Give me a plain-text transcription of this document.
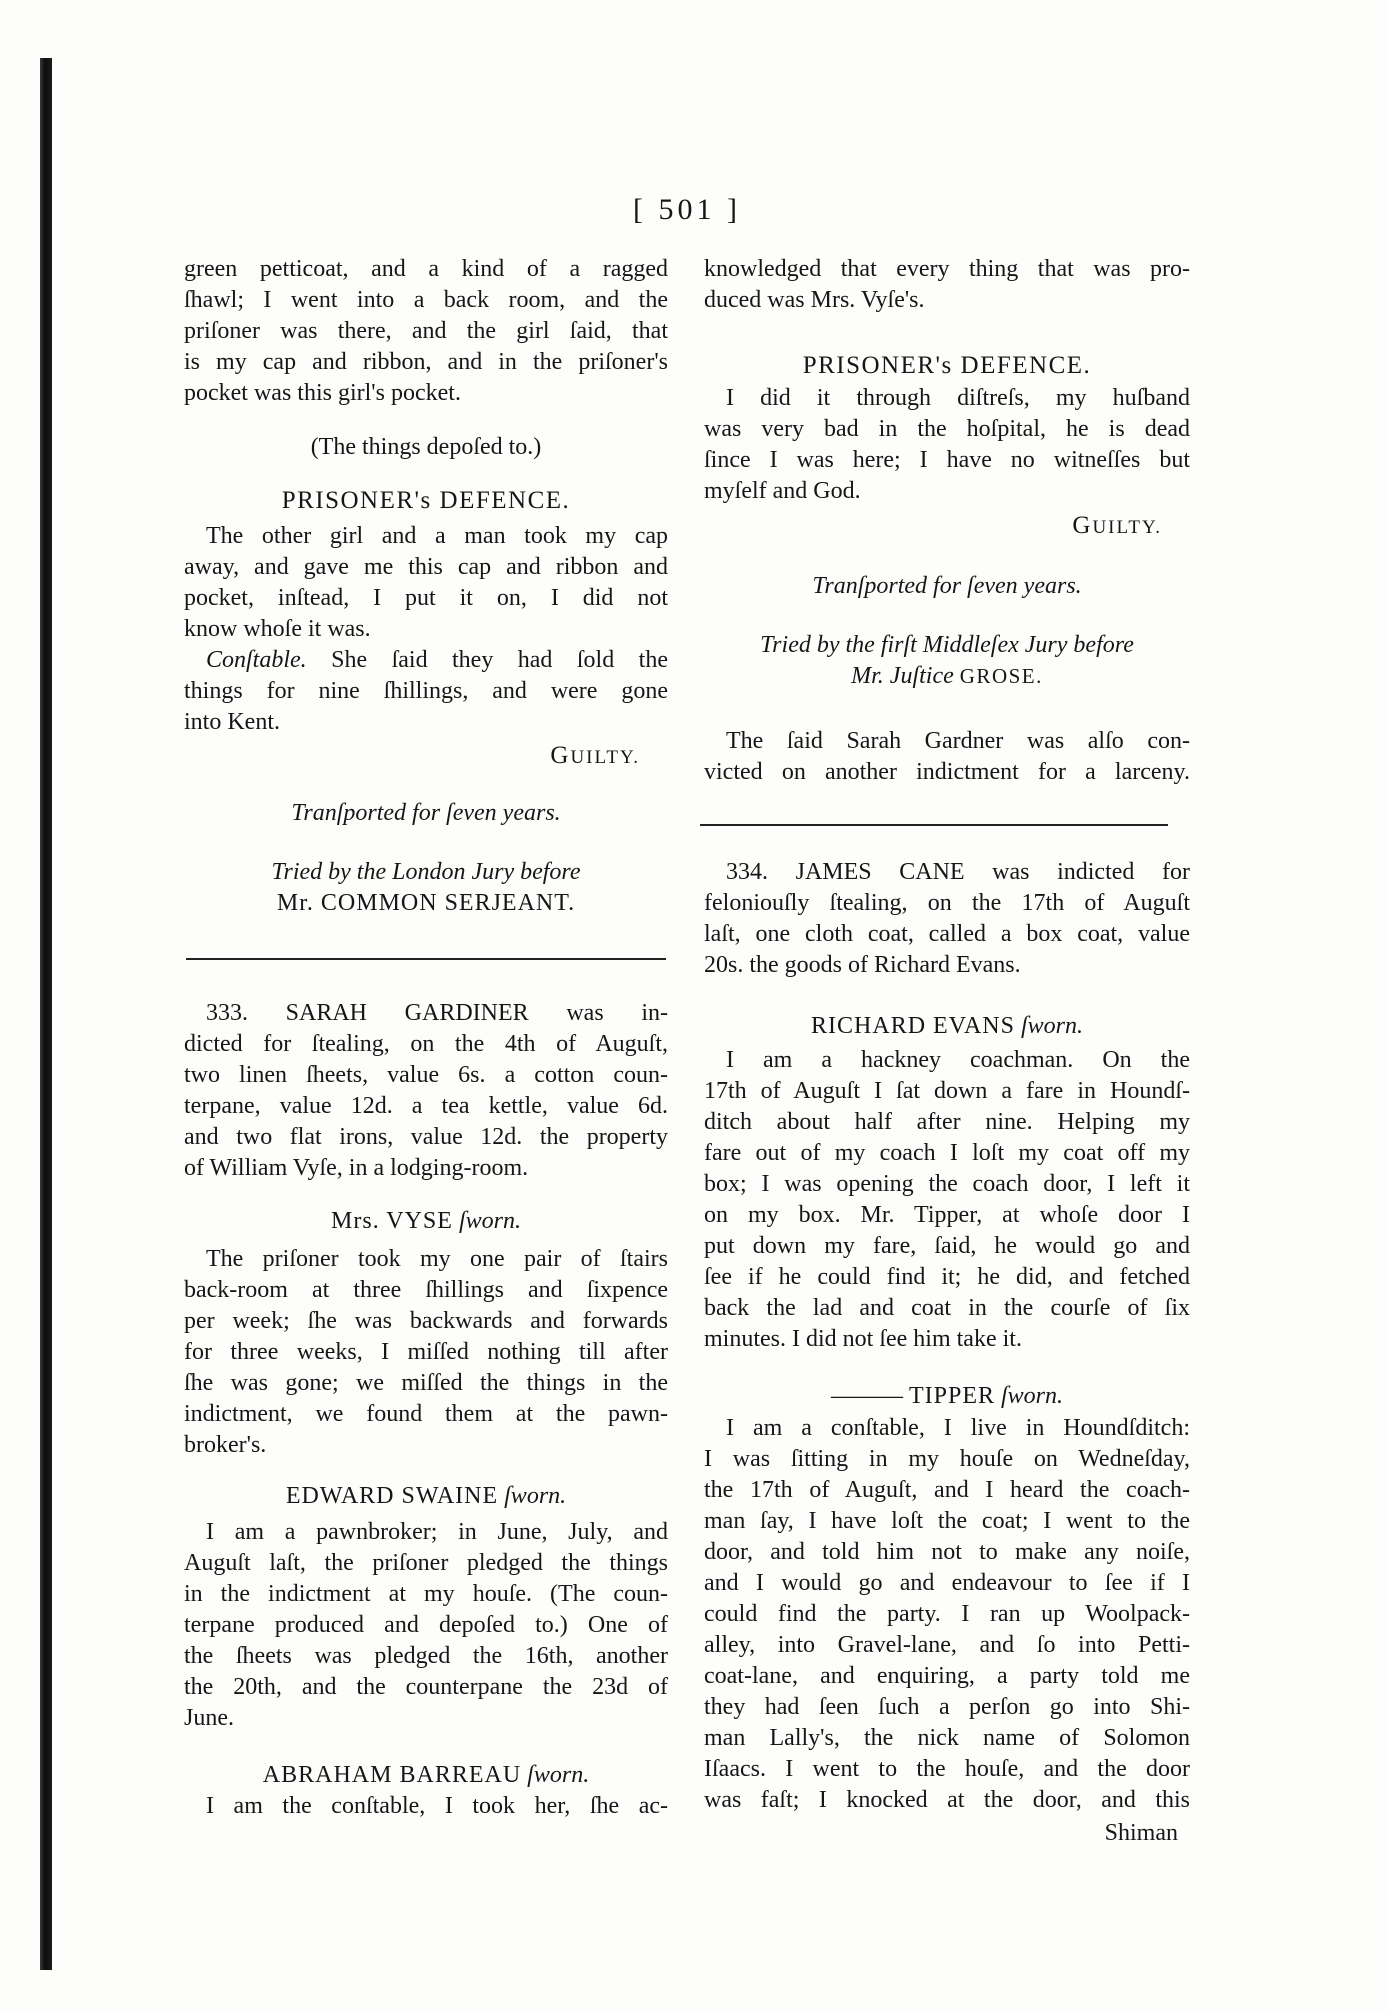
[ 501 ]
green petticoat, and a kind of a ragged
ſhawl; I went into a back room, and the
priſoner was there, and the girl ſaid, that
is my cap and ribbon, and in the priſoner's
pocket was this girl's pocket.
(The things depoſed to.)
PRISONER's DEFENCE.
The other girl and a man took my cap
away, and gave me this cap and ribbon and
pocket, inſtead, I put it on, I did not
know whoſe it was.
Conſtable. She ſaid they had ſold the
things for nine ſhillings, and were gone
into Kent.
GUILTY.
Tranſported for ſeven years.
Tried by the London Jury before
Mr. COMMON SERJEANT.
333. SARAH GARDINER was in-
dicted for ſtealing, on the 4th of Auguſt,
two linen ſheets, value 6s. a cotton coun-
terpane, value 12d. a tea kettle, value 6d.
and two flat irons, value 12d. the property
of William Vyſe, in a lodging-room.
Mrs. VYSE ſworn.
The priſoner took my one pair of ſtairs
back-room at three ſhillings and ſixpence
per week; ſhe was backwards and forwards
for three weeks, I miſſed nothing till after
ſhe was gone; we miſſed the things in the
indictment, we found them at the pawn-
broker's.
EDWARD SWAINE ſworn.
I am a pawnbroker; in June, July, and
Auguſt laſt, the priſoner pledged the things
in the indictment at my houſe. (The coun-
terpane produced and depoſed to.) One of
the ſheets was pledged the 16th, another
the 20th, and the counterpane the 23d of
June.
ABRAHAM BARREAU ſworn.
I am the conſtable, I took her, ſhe ac-
knowledged that every thing that was pro-
duced was Mrs. Vyſe's.
PRISONER's DEFENCE.
I did it through diſtreſs, my huſband
was very bad in the hoſpital, he is dead
ſince I was here; I have no witneſſes but
myſelf and God.
GUILTY.
Tranſported for ſeven years.
Tried by the firſt Middleſex Jury before
Mr. Juſtice GROSE.
The ſaid Sarah Gardner was alſo con-
victed on another indictment for a larceny.
334. JAMES CANE was indicted for
feloniouſly ſtealing, on the 17th of Auguſt
laſt, one cloth coat, called a box coat, value
20s. the goods of Richard Evans.
RICHARD EVANS ſworn.
I am a hackney coachman. On the
17th of Auguſt I ſat down a fare in Houndſ-
ditch about half after nine. Helping my
fare out of my coach I loſt my coat off my
box; I was opening the coach door, I left it
on my box. Mr. Tipper, at whoſe door I
put down my fare, ſaid, he would go and
ſee if he could find it; he did, and fetched
back the lad and coat in the courſe of ſix
minutes. I did not ſee him take it.
——— TIPPER ſworn.
I am a conſtable, I live in Houndſditch:
I was ſitting in my houſe on Wedneſday,
the 17th of Auguſt, and I heard the coach-
man ſay, I have loſt the coat; I went to the
door, and told him not to make any noiſe,
and I would go and endeavour to ſee if I
could find the party. I ran up Woolpack-
alley, into Gravel-lane, and ſo into Petti-
coat-lane, and enquiring, a party told me
they had ſeen ſuch a perſon go into Shi-
man Lally's, the nick name of Solomon
Iſaacs. I went to the houſe, and the door
was faſt; I knocked at the door, and this
Shiman
